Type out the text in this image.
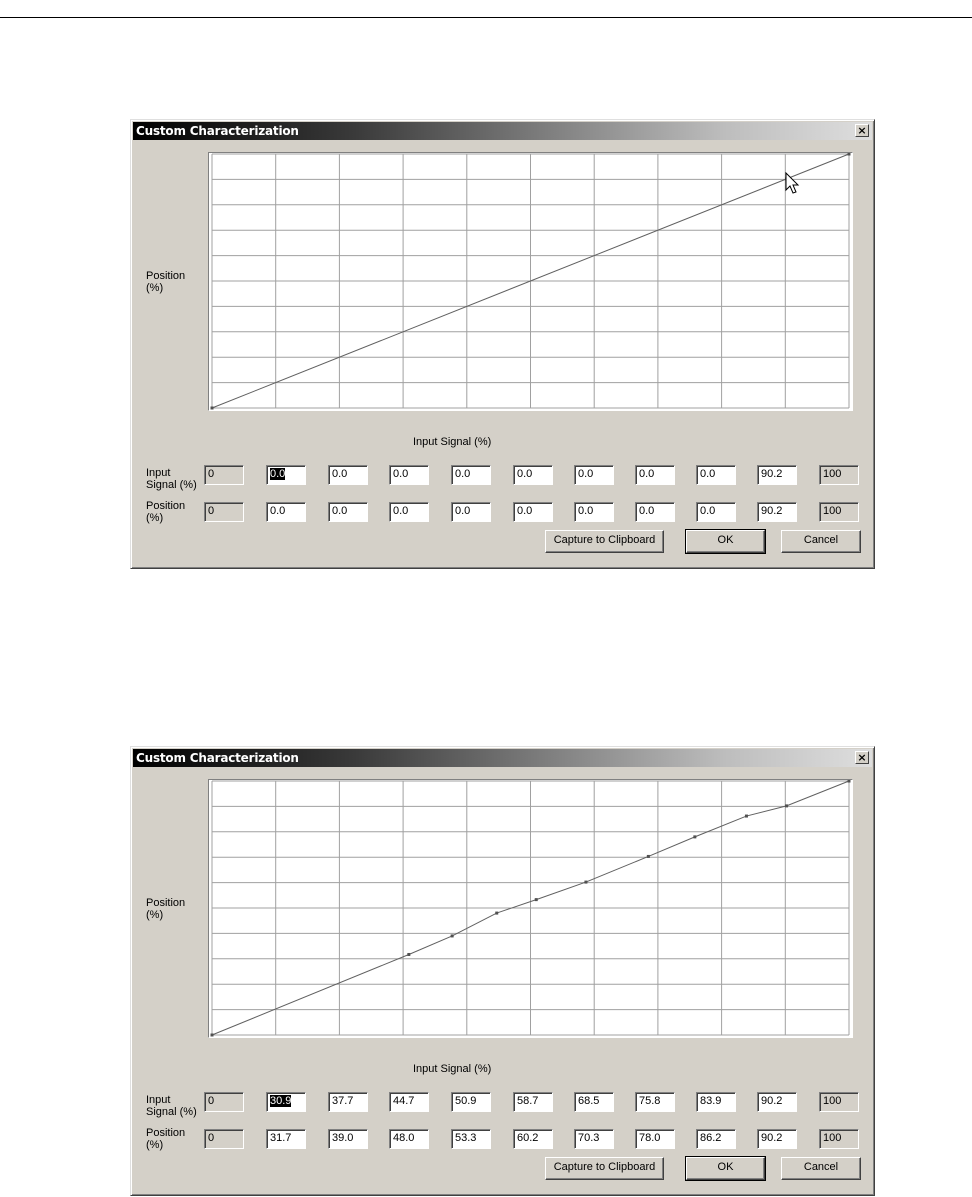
Custom Characterization	×
Position (%)
Input Signal (%)
Input Signal (%)
Position (%)
Capture to Clipboard	OK	Cancel
0	0.0	0.0	0.0	0.0	0.0	0.0	0.0	0.0	90.2	100
0	0.0	0.0	0.0	0.0	0.0	0.0	0.0	0.0	90.2	100
Custom Characterization	×
Position (%)
Input Signal (%)
Input Signal (%)
Position (%)
Capture to Clipboard	OK	Cancel
0	30.9	37.7	44.7	50.9	58.7	68.5	75.8	83.9	90.2	100
0	31.7	39.0	48.0	53.3	60.2	70.3	78.0	86.2	90.2	100
